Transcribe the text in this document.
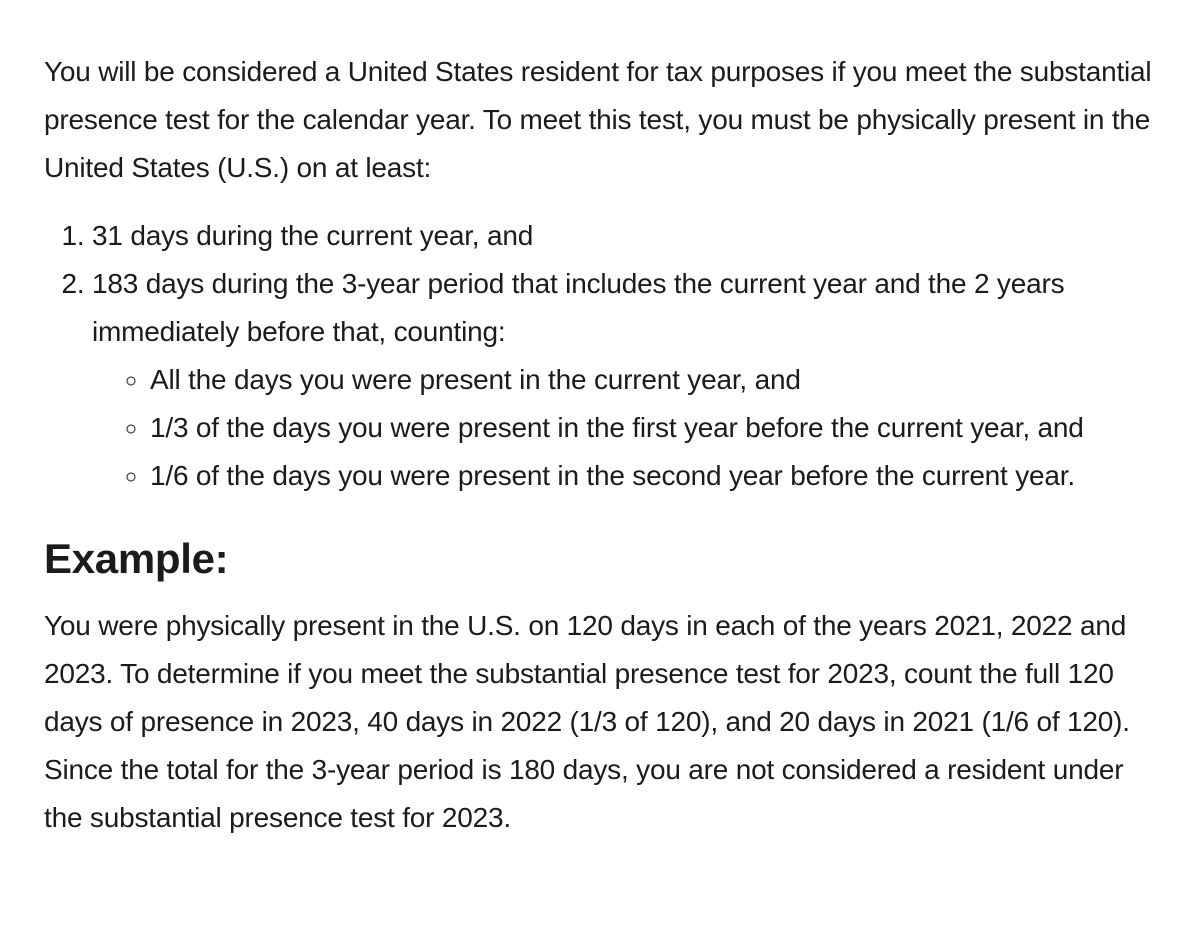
You will be considered a United States resident for tax purposes if you meet the substantial presence test for the calendar year. To meet this test, you must be physically present in the United States (U.S.) on at least:

1. 31 days during the current year, and
2. 183 days during the 3-year period that includes the current year and the 2 years immediately before that, counting:
◦ All the days you were present in the current year, and
◦ 1/3 of the days you were present in the first year before the current year, and
◦ 1/6 of the days you were present in the second year before the current year.
Example:

You were physically present in the U.S. on 120 days in each of the years 2021, 2022 and 2023. To determine if you meet the substantial presence test for 2023, count the full 120 days of presence in 2023, 40 days in 2022 (1/3 of 120), and 20 days in 2021 (1/6 of 120). Since the total for the 3-year period is 180 days, you are not considered a resident under the substantial presence test for 2023.
